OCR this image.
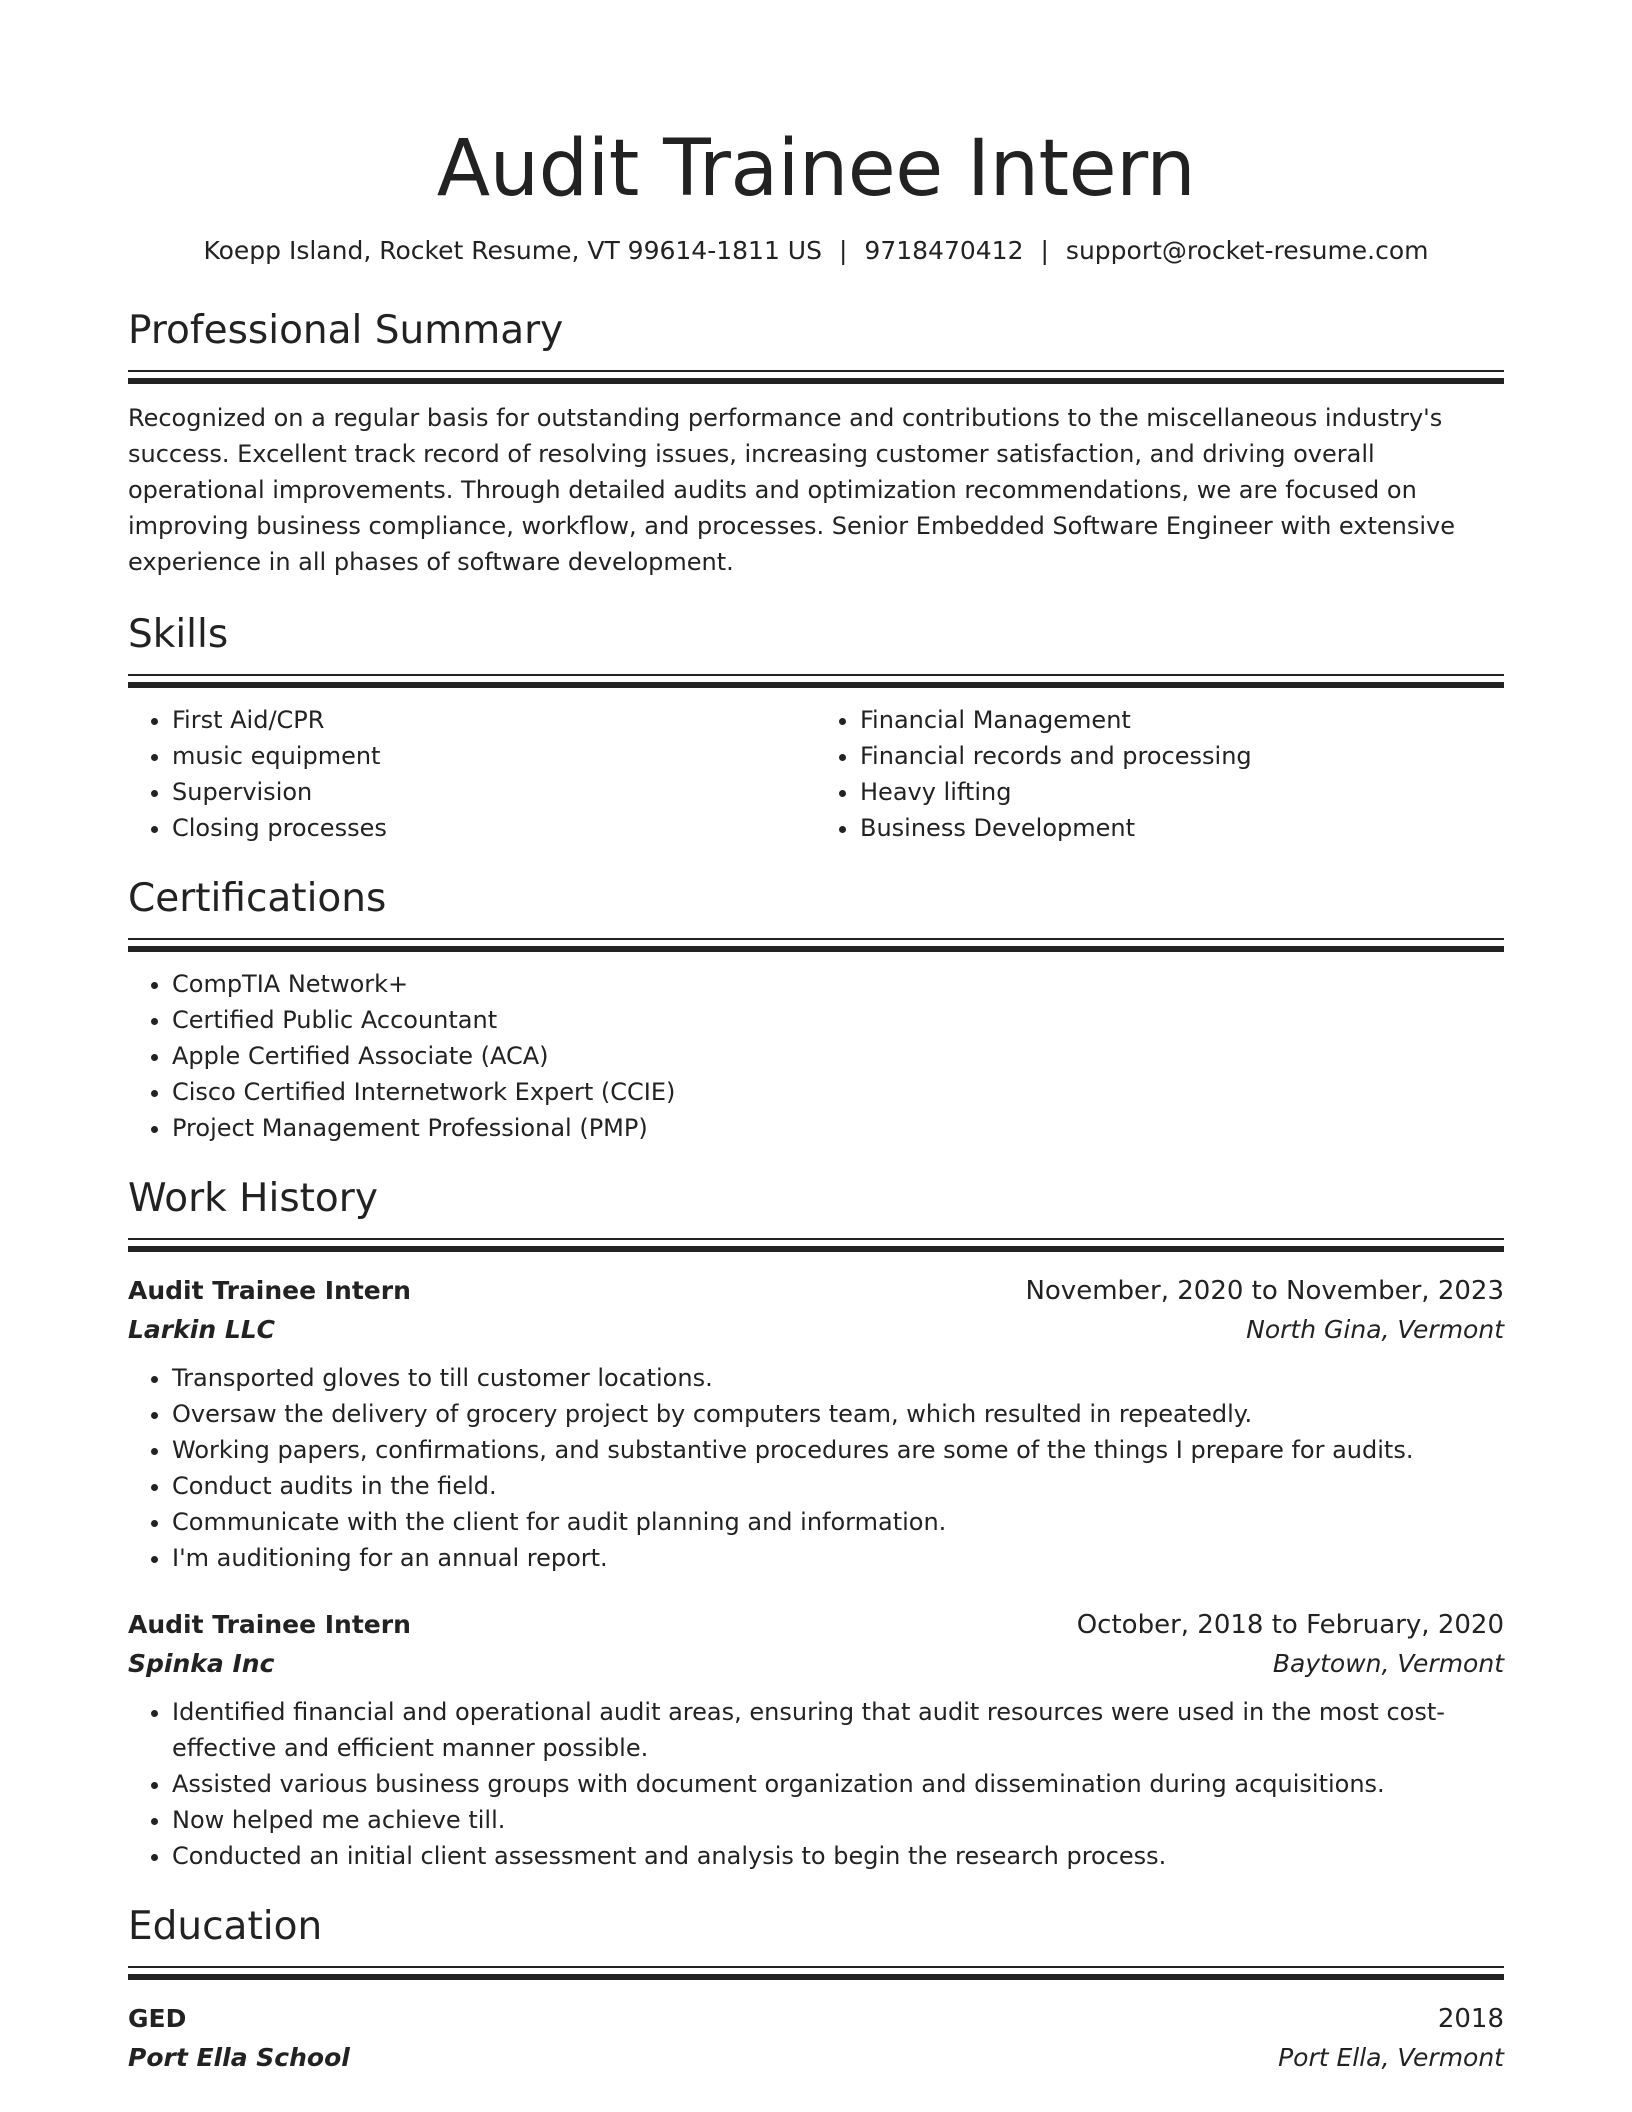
Audit Trainee Intern
Koepp Island, Rocket Resume, VT 99614-1811 US | 9718470412 | support@rocket-resume.com
Professional Summary

Recognized on a regular basis for outstanding performance and contributions to the miscellaneous industry's success. Excellent track record of resolving issues, increasing customer satisfaction, and driving overall operational improvements. Through detailed audits and optimization recommendations, we are focused on improving business compliance, workflow, and processes. Senior Embedded Software Engineer with extensive experience in all phases of software development.

Skills
• First Aid/CPR
• music equipment
• Supervision
• Closing processes
• Financial Management
• Financial records and processing
• Heavy lifting
• Business Development
Certifications
• CompTIA Network+
• Certified Public Accountant
• Apple Certified Associate (ACA)
• Cisco Certified Internetwork Expert (CCIE)
• Project Management Professional (PMP)
Work History
Audit Trainee Intern	November, 2020 to November, 2023
Larkin LLC	North Gina, Vermont
• Transported gloves to till customer locations.
• Oversaw the delivery of grocery project by computers team, which resulted in repeatedly.
• Working papers, confirmations, and substantive procedures are some of the things I prepare for audits.
• Conduct audits in the field.
• Communicate with the client for audit planning and information.
• I'm auditioning for an annual report.
Audit Trainee Intern	October, 2018 to February, 2020
Spinka Inc	Baytown, Vermont
• Identified financial and operational audit areas, ensuring that audit resources were used in the most cost-effective and efficient manner possible.
• Assisted various business groups with document organization and dissemination during acquisitions.
• Now helped me achieve till.
• Conducted an initial client assessment and analysis to begin the research process.
Education
GED	2018
Port Ella School	Port Ella, Vermont
